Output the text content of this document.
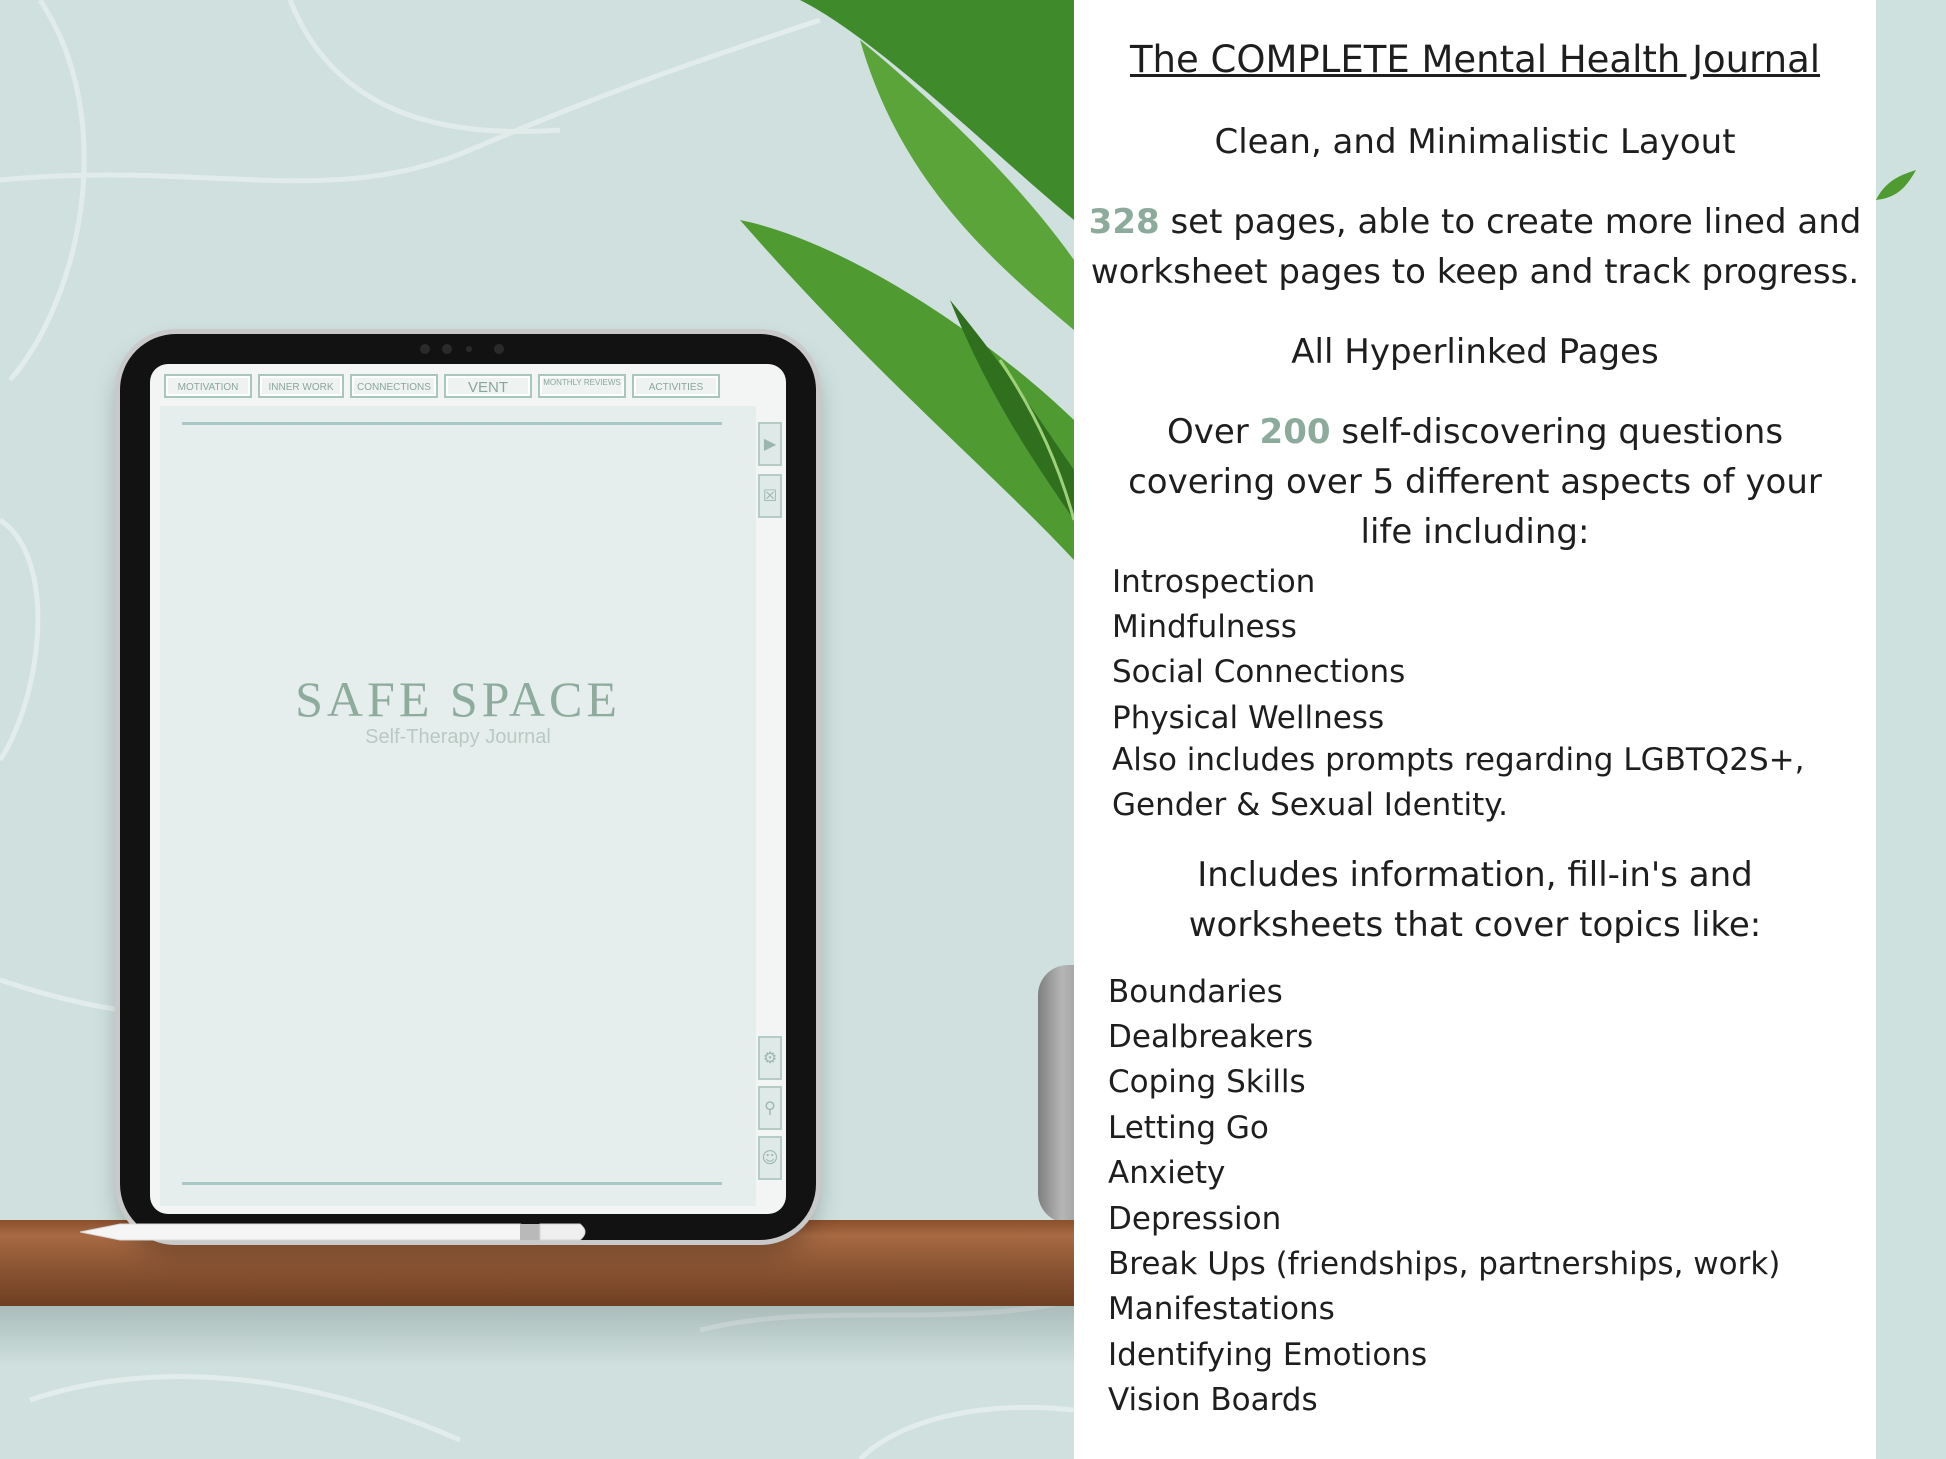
MOTIVATION	INNER WORK	CONNECTIONS	VENT	MONTHLY REVIEWS	ACTIVITIES
SAFE SPACE
Self-Therapy Journal
▶
☒
⚙
⚲
☺
The COMPLETE Mental Health Journal
Clean, and Minimalistic Layout
328 set pages, able to create more lined and
worksheet pages to keep and track progress.
All Hyperlinked Pages
Over 200 self-discovering questions
covering over 5 different aspects of your
life including:
Introspection
Mindfulness
Social Connections
Physical Wellness
Also includes prompts regarding LGBTQ2S+,
Gender & Sexual Identity.
Includes information, fill-in's and
worksheets that cover topics like:
Boundaries
Dealbreakers
Coping Skills
Letting Go
Anxiety
Depression
Break Ups (friendships, partnerships, work)
Manifestations
Identifying Emotions
Vision Boards
